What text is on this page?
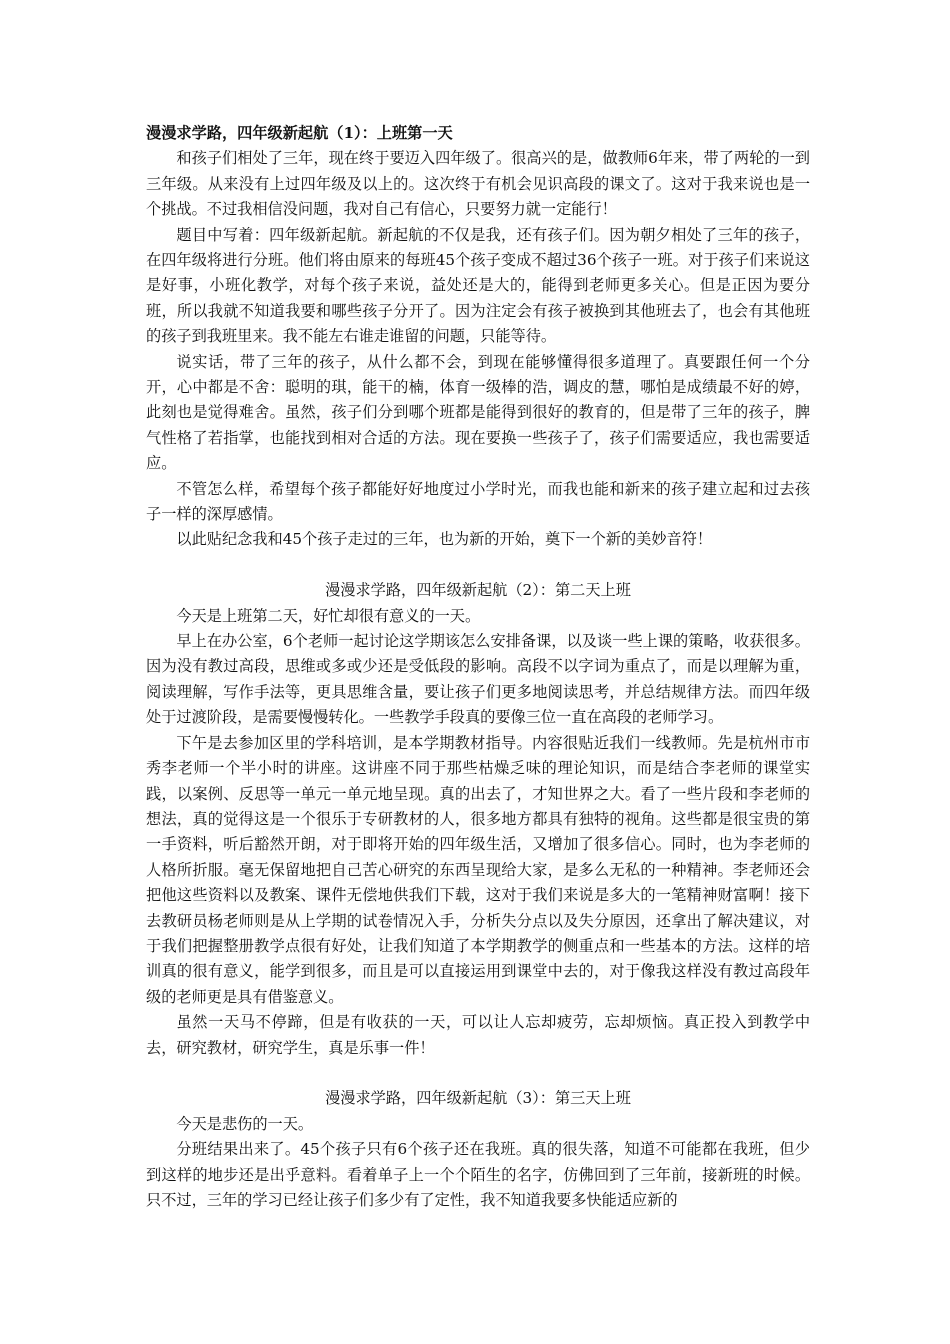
漫漫求学路，四年级新起航（1）：上班第一天

和孩子们相处了三年，现在终于要迈入四年级了。很高兴的是，做教师6年来，带了两轮的一到三年级。从来没有上过四年级及以上的。这次终于有机会见识高段的课文了。这对于我来说也是一个挑战。不过我相信没问题，我对自己有信心，只要努力就一定能行！

题目中写着：四年级新起航。新起航的不仅是我，还有孩子们。因为朝夕相处了三年的孩子，在四年级将进行分班。他们将由原来的每班45个孩子变成不超过36个孩子一班。对于孩子们来说这是好事，小班化教学，对每个孩子来说，益处还是大的，能得到老师更多关心。但是正因为要分班，所以我就不知道我要和哪些孩子分开了。因为注定会有孩子被换到其他班去了，也会有其他班的孩子到我班里来。我不能左右谁走谁留的问题，只能等待。

说实话，带了三年的孩子，从什么都不会，到现在能够懂得很多道理了。真要跟任何一个分开，心中都是不舍：聪明的琪，能干的楠，体育一级棒的浩，调皮的慧，哪怕是成绩最不好的婷，此刻也是觉得难舍。虽然，孩子们分到哪个班都是能得到很好的教育的，但是带了三年的孩子，脾气性格了若指掌，也能找到相对合适的方法。现在要换一些孩子了，孩子们需要适应，我也需要适应。

不管怎么样，希望每个孩子都能好好地度过小学时光，而我也能和新来的孩子建立起和过去孩子一样的深厚感情。

以此贴纪念我和45个孩子走过的三年，也为新的开始，奠下一个新的美妙音符！

漫漫求学路，四年级新起航（2）：第二天上班

今天是上班第二天，好忙却很有意义的一天。

早上在办公室，6个老师一起讨论这学期该怎么安排备课，以及谈一些上课的策略，收获很多。因为没有教过高段，思维或多或少还是受低段的影响。高段不以字词为重点了，而是以理解为重，阅读理解，写作手法等，更具思维含量，要让孩子们更多地阅读思考，并总结规律方法。而四年级处于过渡阶段，是需要慢慢转化。一些教学手段真的要像三位一直在高段的老师学习。

下午是去参加区里的学科培训，是本学期教材指导。内容很贴近我们一线教师。先是杭州市市秀李老师一个半小时的讲座。这讲座不同于那些枯燥乏味的理论知识，而是结合李老师的课堂实践，以案例、反思等一单元一单元地呈现。真的出去了，才知世界之大。看了一些片段和李老师的想法，真的觉得这是一个很乐于专研教材的人，很多地方都具有独特的视角。这些都是很宝贵的第一手资料，听后豁然开朗，对于即将开始的四年级生活，又增加了很多信心。同时，也为李老师的人格所折服。毫无保留地把自己苦心研究的东西呈现给大家，是多么无私的一种精神。李老师还会把他这些资料以及教案、课件无偿地供我们下载，这对于我们来说是多大的一笔精神财富啊！接下去教研员杨老师则是从上学期的试卷情况入手，分析失分点以及失分原因，还拿出了解决建议，对于我们把握整册教学点很有好处，让我们知道了本学期教学的侧重点和一些基本的方法。这样的培训真的很有意义，能学到很多，而且是可以直接运用到课堂中去的，对于像我这样没有教过高段年级的老师更是具有借鉴意义。

虽然一天马不停蹄，但是有收获的一天，可以让人忘却疲劳，忘却烦恼。真正投入到教学中去，研究教材，研究学生，真是乐事一件！

漫漫求学路，四年级新起航（3）：第三天上班

今天是悲伤的一天。

分班结果出来了。45个孩子只有6个孩子还在我班。真的很失落，知道不可能都在我班，但少到这样的地步还是出乎意料。看着单子上一个个陌生的名字，仿佛回到了三年前，接新班的时候。只不过，三年的学习已经让孩子们多少有了定性，我不知道我要多快能适应新的
